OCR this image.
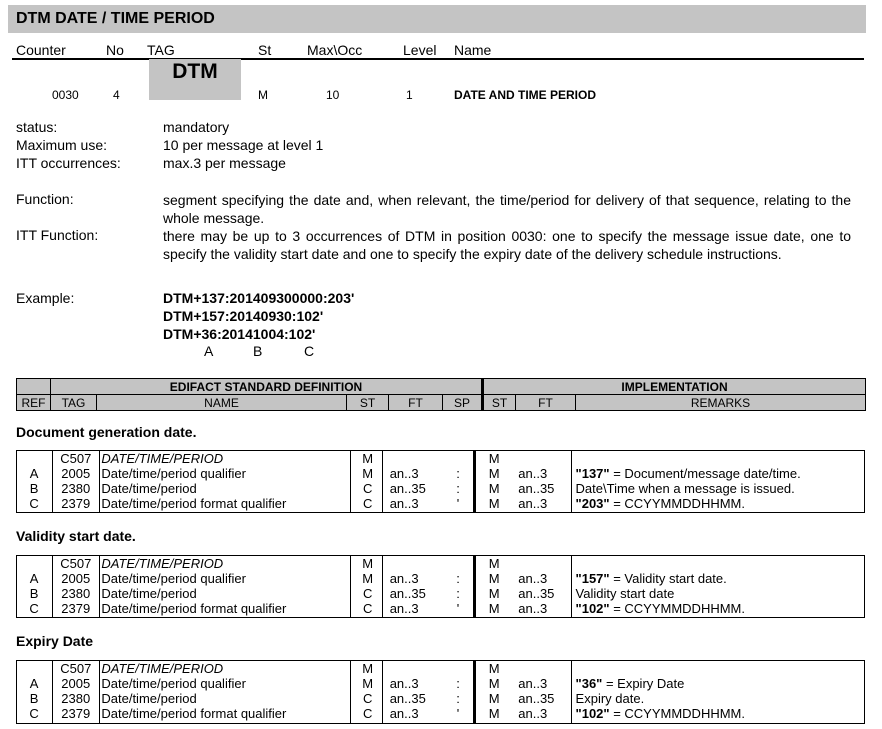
DTM DATE / TIME PERIOD
Counter	No TAG	St	Max\Occ	Level Name
DTM
0030	4	M	10	1	DATE AND TIME PERIOD
status:	mandatory
Maximum use:	10 per message at level 1
ITT occurrences:	max.3 per message
Function:	segment specifying the date and, when relevant, the time/period for delivery of that sequence, relating to the whole message.
ITT Function:	there may be up to 3 occurrences of DTM in position 0030: one to specify the message issue date, one to specify the validity start date and one to specify the expiry date of the delivery schedule instructions.
Example:	DTM+137:201409300000:203'
DTM+157:20140930:102'
DTM+36:20141004:102'
A	B	C
	EDIFACT STANDARD DEFINITION					IMPLEMENTATION		
REF	TAG	NAME	ST	FT	SP	ST	FT	REMARKS
Document generation date.
Validity start date.
Expiry Date
	C507	DATE/TIME/PERIOD	M			M		
A	2005	Date/time/period qualifier	M	an..3	:	M	an..3	"137" = Document/message date/time.
B	2380	Date/time/period	C	an..35	:	M	an..35	Date\Time when a message is issued.
C	2379	Date/time/period format qualifier	C	an..3	'	M	an..3	"203" = CCYYMMDDHHMM.
	C507	DATE/TIME/PERIOD	M			M		
A	2005	Date/time/period qualifier	M	an..3	:	M	an..3	"157" = Validity start date.
B	2380	Date/time/period	C	an..35	:	M	an..35	Validity start date
C	2379	Date/time/period format qualifier	C	an..3	'	M	an..3	"102" = CCYYMMDDHHMM.
	C507	DATE/TIME/PERIOD	M			M		
A	2005	Date/time/period qualifier	M	an..3	:	M	an..3	"36" = Expiry Date
B	2380	Date/time/period	C	an..35	:	M	an..35	Expiry date.
C	2379	Date/time/period format qualifier	C	an..3	'	M	an..3	"102" = CCYYMMDDHHMM.
